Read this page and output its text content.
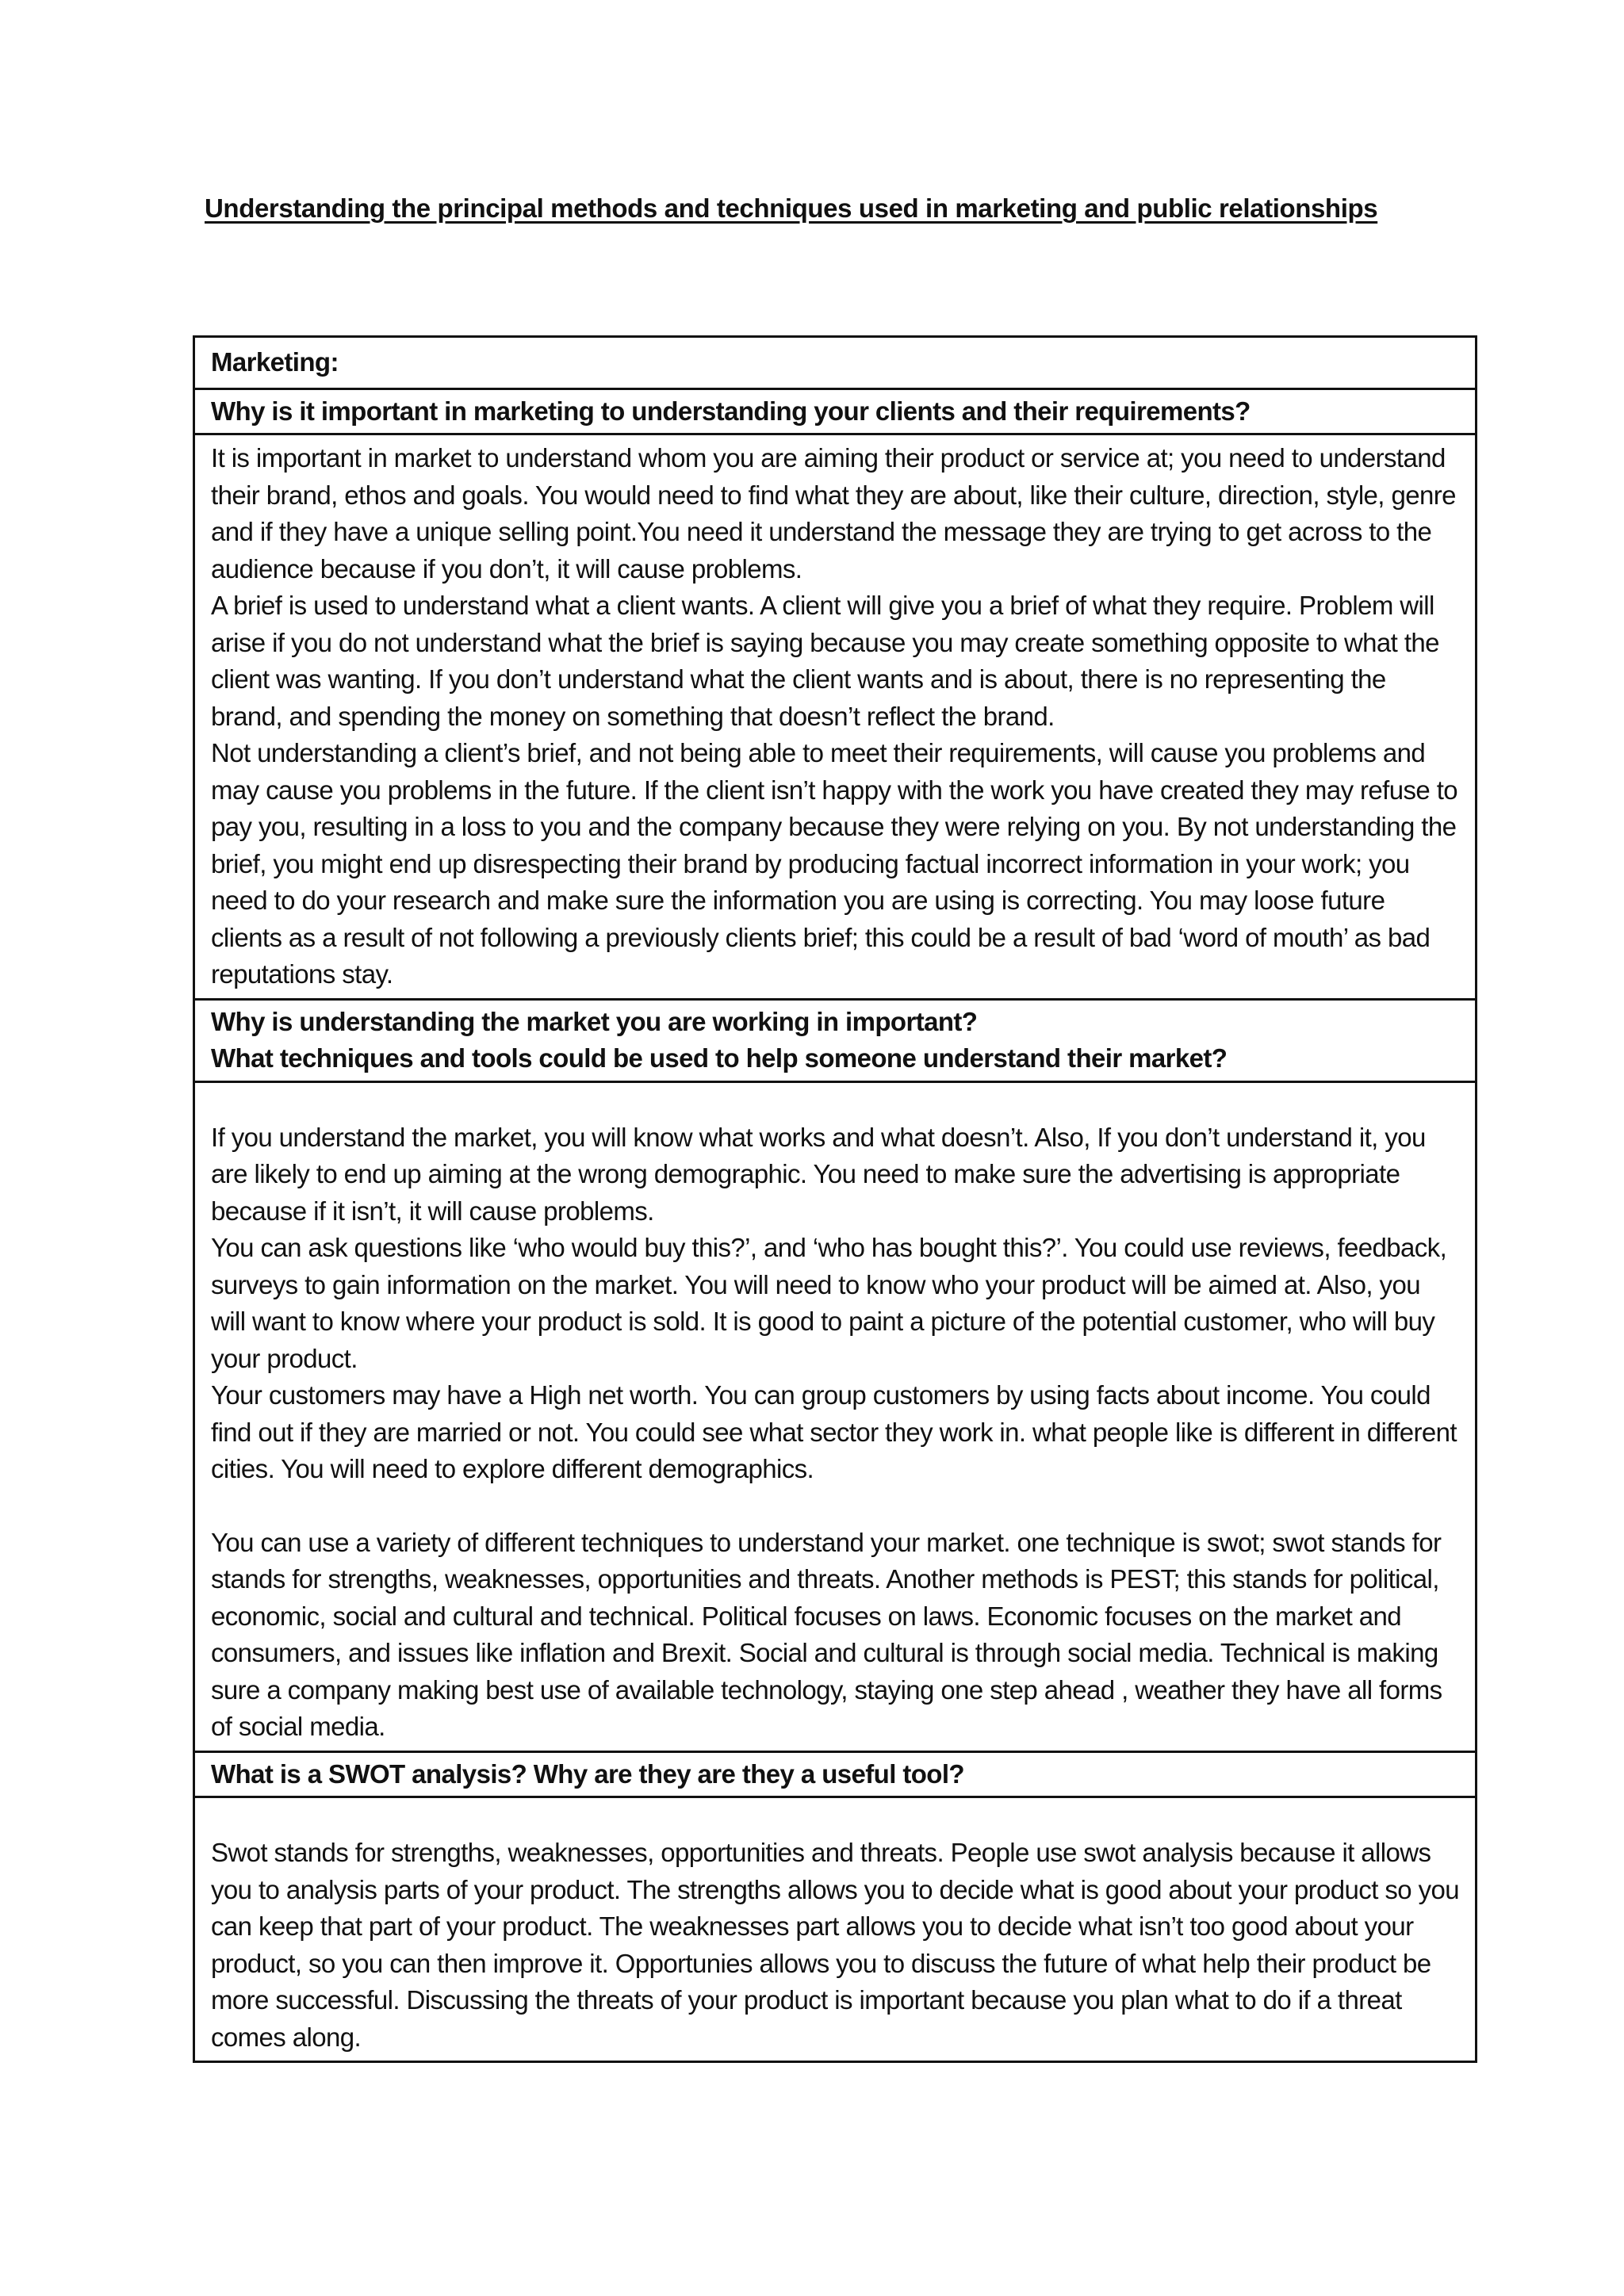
Understanding the principal methods and techniques used in marketing and public relationships
Marketing:
Why is it important in marketing to understanding your clients and their requirements?

It is important in market to understand whom you are aiming their product or service at; you need to understand their brand, ethos and goals. You would need to find what they are about, like their culture, direction, style, genre and if they have a unique selling point.You need it understand the message they are trying to get across to the audience because if you don’t, it will cause problems.

A brief is used to understand what a client wants. A client will give you a brief of what they require. Problem will arise if you do not understand what the brief is saying because you may create something opposite to what the client was wanting. If you don’t understand what the client wants and is about, there is no representing the brand, and spending the money on something that doesn’t reflect the brand.

Not understanding a client’s brief, and not being able to meet their requirements, will cause you problems and may cause you problems in the future. If the client isn’t happy with the work you have created they may refuse to pay you, resulting in a loss to you and the company because they were relying on you. By not understanding the brief, you might end up disrespecting their brand by producing factual incorrect information in your work; you need to do your research and make sure the information you are using is correcting. You may loose future clients as a result of not following a previously clients brief; this could be a result of bad ‘word of mouth’ as bad reputations stay.

Why is understanding the market you are working in important?
What techniques and tools could be used to help someone understand their market?

If you understand the market, you will know what works and what doesn’t. Also, If you don’t understand it, you are likely to end up aiming at the wrong demographic. You need to make sure the advertising is appropriate because if it isn’t, it will cause problems.

You can ask questions like ‘who would buy this?’, and ‘who has bought this?’. You could use reviews, feedback, surveys to gain information on the market. You will need to know who your product will be aimed at. Also, you will want to know where your product is sold. It is good to paint a picture of the potential customer, who will buy your product.

Your customers may have a High net worth. You can group customers by using facts about income. You could find out if they are married or not. You could see what sector they work in. what people like is different in different cities. You will need to explore different demographics.

You can use a variety of different techniques to understand your market. one technique is swot; swot stands for stands for strengths, weaknesses, opportunities and threats. Another methods is PEST; this stands for political, economic, social and cultural and technical. Political focuses on laws. Economic focuses on the market and consumers, and issues like inflation and Brexit. Social and cultural is through social media. Technical is making sure a company making best use of available technology, staying one step ahead , weather they have all forms of social media.

What is a SWOT analysis? Why are they are they a useful tool?

Swot stands for strengths, weaknesses, opportunities and threats. People use swot analysis because it allows you to analysis parts of your product. The strengths allows you to decide what is good about your product so you can keep that part of your product. The weaknesses part allows you to decide what isn’t too good about your product, so you can then improve it. Opportunies allows you to discuss the future of what help their product be more successful. Discussing the threats of your product is important because you plan what to do if a threat comes along.
